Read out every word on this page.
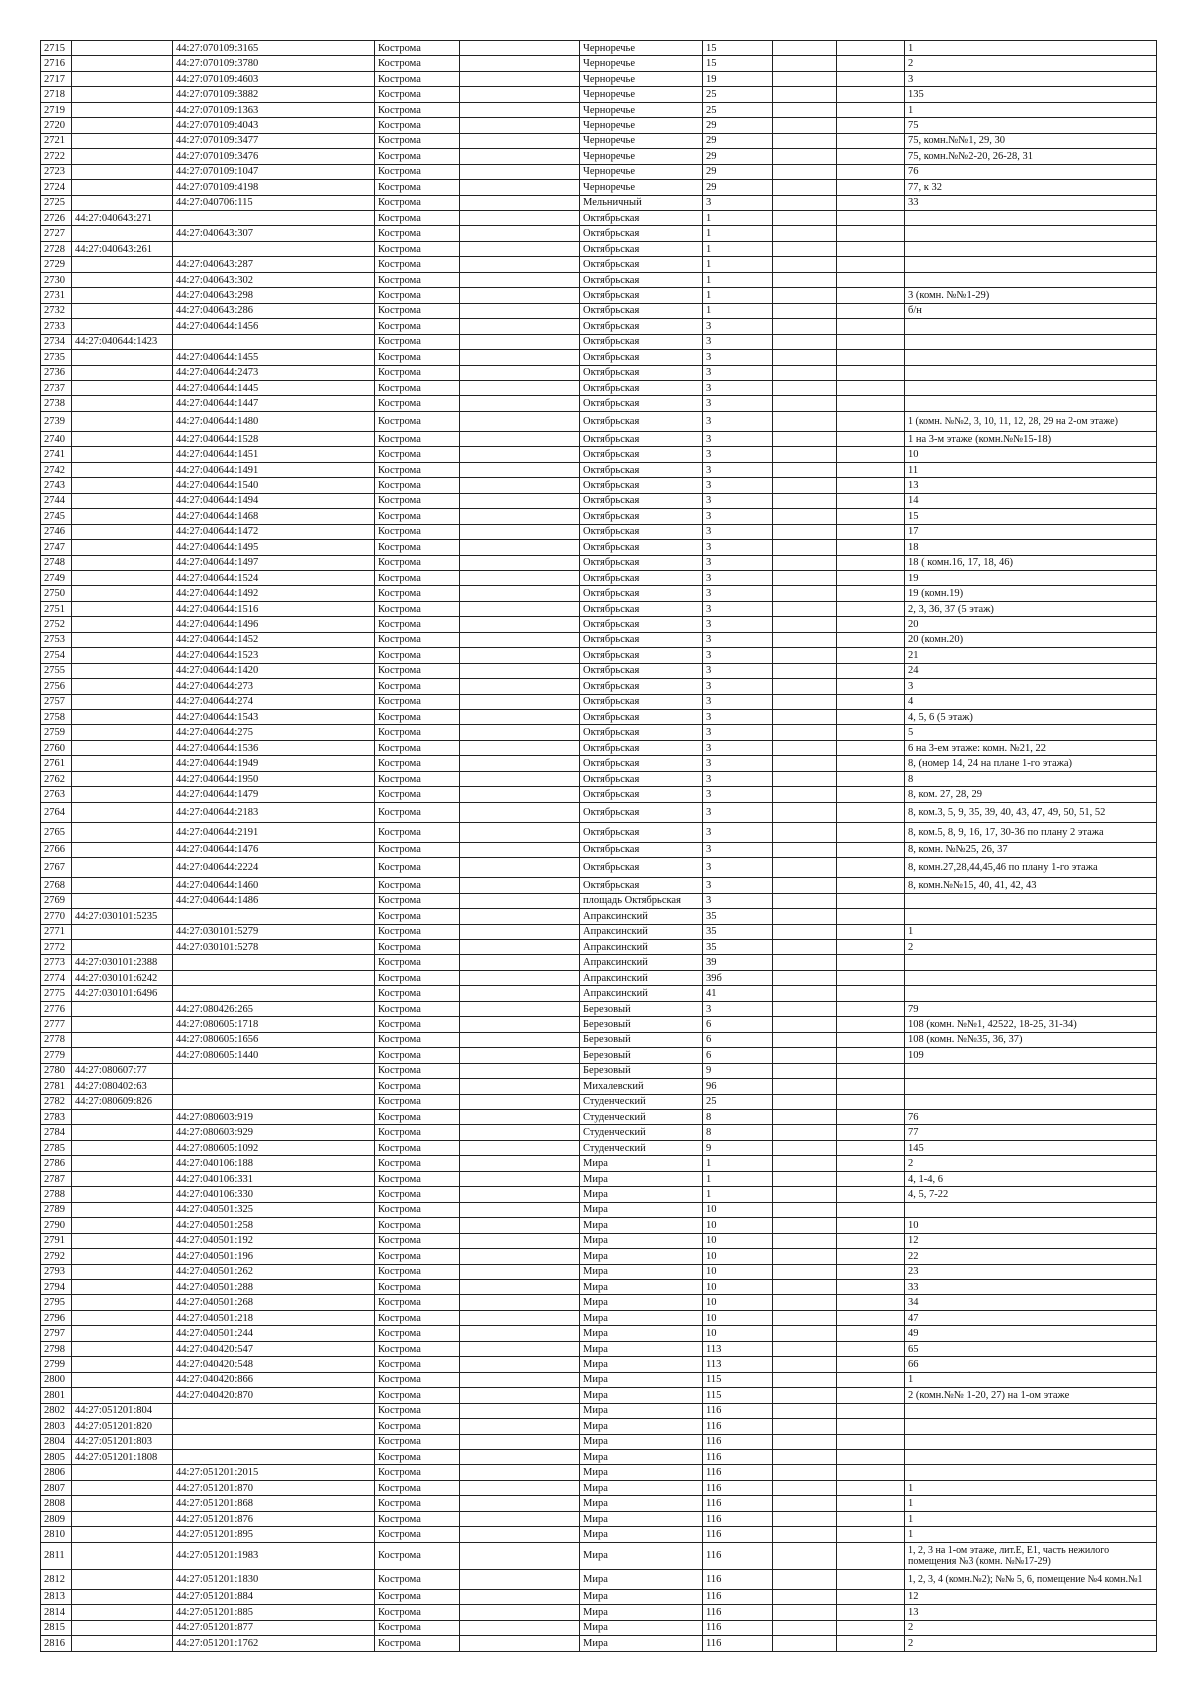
2715		44:27:070109:3165	Кострома		Черноречье	15			1
2716		44:27:070109:3780	Кострома		Черноречье	15			2
2717		44:27:070109:4603	Кострома		Черноречье	19			3
2718		44:27:070109:3882	Кострома		Черноречье	25			135
2719		44:27:070109:1363	Кострома		Черноречье	25			1
2720		44:27:070109:4043	Кострома		Черноречье	29			75
2721		44:27:070109:3477	Кострома		Черноречье	29			75, комн.№№1, 29, 30
2722		44:27:070109:3476	Кострома		Черноречье	29			75, комн.№№2-20, 26-28, 31
2723		44:27:070109:1047	Кострома		Черноречье	29			76
2724		44:27:070109:4198	Кострома		Черноречье	29			77, к 32
2725		44:27:040706:115	Кострома		Мельничный	3			33
2726	44:27:040643:271		Кострома		Октябрьская	1			
2727		44:27:040643:307	Кострома		Октябрьская	1			
2728	44:27:040643:261		Кострома		Октябрьская	1			
2729		44:27:040643:287	Кострома		Октябрьская	1			
2730		44:27:040643:302	Кострома		Октябрьская	1			
2731		44:27:040643:298	Кострома		Октябрьская	1			3 (комн. №№1-29)
2732		44:27:040643:286	Кострома		Октябрьская	1			б/н
2733		44:27:040644:1456	Кострома		Октябрьская	3			
2734	44:27:040644:1423		Кострома		Октябрьская	3			
2735		44:27:040644:1455	Кострома		Октябрьская	3			
2736		44:27:040644:2473	Кострома		Октябрьская	3			
2737		44:27:040644:1445	Кострома		Октябрьская	3			
2738		44:27:040644:1447	Кострома		Октябрьская	3			
2739		44:27:040644:1480	Кострома		Октябрьская	3			1 (комн. №№2, 3, 10, 11, 12, 28, 29 на 2-ом этаже)
2740		44:27:040644:1528	Кострома		Октябрьская	3			1 на 3-м этаже (комн.№№15-18)
2741		44:27:040644:1451	Кострома		Октябрьская	3			10
2742		44:27:040644:1491	Кострома		Октябрьская	3			11
2743		44:27:040644:1540	Кострома		Октябрьская	3			13
2744		44:27:040644:1494	Кострома		Октябрьская	3			14
2745		44:27:040644:1468	Кострома		Октябрьская	3			15
2746		44:27:040644:1472	Кострома		Октябрьская	3			17
2747		44:27:040644:1495	Кострома		Октябрьская	3			18
2748		44:27:040644:1497	Кострома		Октябрьская	3			18 ( комн.16, 17, 18, 46)
2749		44:27:040644:1524	Кострома		Октябрьская	3			19
2750		44:27:040644:1492	Кострома		Октябрьская	3			19 (комн.19)
2751		44:27:040644:1516	Кострома		Октябрьская	3			2, 3, 36, 37 (5 этаж)
2752		44:27:040644:1496	Кострома		Октябрьская	3			20
2753		44:27:040644:1452	Кострома		Октябрьская	3			20 (комн.20)
2754		44:27:040644:1523	Кострома		Октябрьская	3			21
2755		44:27:040644:1420	Кострома		Октябрьская	3			24
2756		44:27:040644:273	Кострома		Октябрьская	3			3
2757		44:27:040644:274	Кострома		Октябрьская	3			4
2758		44:27:040644:1543	Кострома		Октябрьская	3			4, 5, 6 (5 этаж)
2759		44:27:040644:275	Кострома		Октябрьская	3			5
2760		44:27:040644:1536	Кострома		Октябрьская	3			6 на 3-ем этаже: комн. №21, 22
2761		44:27:040644:1949	Кострома		Октябрьская	3			8, (номер 14, 24 на плане 1-го этажа)
2762		44:27:040644:1950	Кострома		Октябрьская	3			8
2763		44:27:040644:1479	Кострома		Октябрьская	3			8, ком. 27, 28, 29
2764		44:27:040644:2183	Кострома		Октябрьская	3			8, ком.3, 5, 9, 35, 39, 40, 43, 47, 49, 50, 51, 52
2765		44:27:040644:2191	Кострома		Октябрьская	3			8, ком.5, 8, 9, 16, 17, 30-36 по плану 2 этажа
2766		44:27:040644:1476	Кострома		Октябрьская	3			8, комн. №№25, 26, 37
2767		44:27:040644:2224	Кострома		Октябрьская	3			8, комн.27,28,44,45,46 по плану 1-го этажа
2768		44:27:040644:1460	Кострома		Октябрьская	3			8, комн.№№15, 40, 41, 42, 43
2769		44:27:040644:1486	Кострома		площадь Октябрьская	3			
2770	44:27:030101:5235		Кострома		Апраксинский	35			
2771		44:27:030101:5279	Кострома		Апраксинский	35			1
2772		44:27:030101:5278	Кострома		Апраксинский	35			2
2773	44:27:030101:2388		Кострома		Апраксинский	39			
2774	44:27:030101:6242		Кострома		Апраксинский	39б			
2775	44:27:030101:6496		Кострома		Апраксинский	41			
2776		44:27:080426:265	Кострома		Березовый	3			79
2777		44:27:080605:1718	Кострома		Березовый	6			108 (комн. №№1, 42522, 18-25, 31-34)
2778		44:27:080605:1656	Кострома		Березовый	6			108 (комн. №№35, 36, 37)
2779		44:27:080605:1440	Кострома		Березовый	6			109
2780	44:27:080607:77		Кострома		Березовый	9			
2781	44:27:080402:63		Кострома		Михалевский	96			
2782	44:27:080609:826		Кострома		Студенческий	25			
2783		44:27:080603:919	Кострома		Студенческий	8			76
2784		44:27:080603:929	Кострома		Студенческий	8			77
2785		44:27:080605:1092	Кострома		Студенческий	9			145
2786		44:27:040106:188	Кострома		Мира	1			2
2787		44:27:040106:331	Кострома		Мира	1			4, 1-4, 6
2788		44:27:040106:330	Кострома		Мира	1			4, 5, 7-22
2789		44:27:040501:325	Кострома		Мира	10			
2790		44:27:040501:258	Кострома		Мира	10			10
2791		44:27:040501:192	Кострома		Мира	10			12
2792		44:27:040501:196	Кострома		Мира	10			22
2793		44:27:040501:262	Кострома		Мира	10			23
2794		44:27:040501:288	Кострома		Мира	10			33
2795		44:27:040501:268	Кострома		Мира	10			34
2796		44:27:040501:218	Кострома		Мира	10			47
2797		44:27:040501:244	Кострома		Мира	10			49
2798		44:27:040420:547	Кострома		Мира	113			65
2799		44:27:040420:548	Кострома		Мира	113			66
2800		44:27:040420:866	Кострома		Мира	115			1
2801		44:27:040420:870	Кострома		Мира	115			2 (комн.№№ 1-20, 27) на 1-ом этаже
2802	44:27:051201:804		Кострома		Мира	116			
2803	44:27:051201:820		Кострома		Мира	116			
2804	44:27:051201:803		Кострома		Мира	116			
2805	44:27:051201:1808		Кострома		Мира	116			
2806		44:27:051201:2015	Кострома		Мира	116			
2807		44:27:051201:870	Кострома		Мира	116			1
2808		44:27:051201:868	Кострома		Мира	116			1
2809		44:27:051201:876	Кострома		Мира	116			1
2810		44:27:051201:895	Кострома		Мира	116			1
2811		44:27:051201:1983	Кострома		Мира	116			1, 2, 3 на 1-ом этаже, лит.Е, Е1, часть нежилого помещения №3 (комн. №№17-29)
2812		44:27:051201:1830	Кострома		Мира	116			1, 2, 3, 4 (комн.№2); №№ 5, 6, помещение №4 комн.№1
2813		44:27:051201:884	Кострома		Мира	116			12
2814		44:27:051201:885	Кострома		Мира	116			13
2815		44:27:051201:877	Кострома		Мира	116			2
2816		44:27:051201:1762	Кострома		Мира	116			2
